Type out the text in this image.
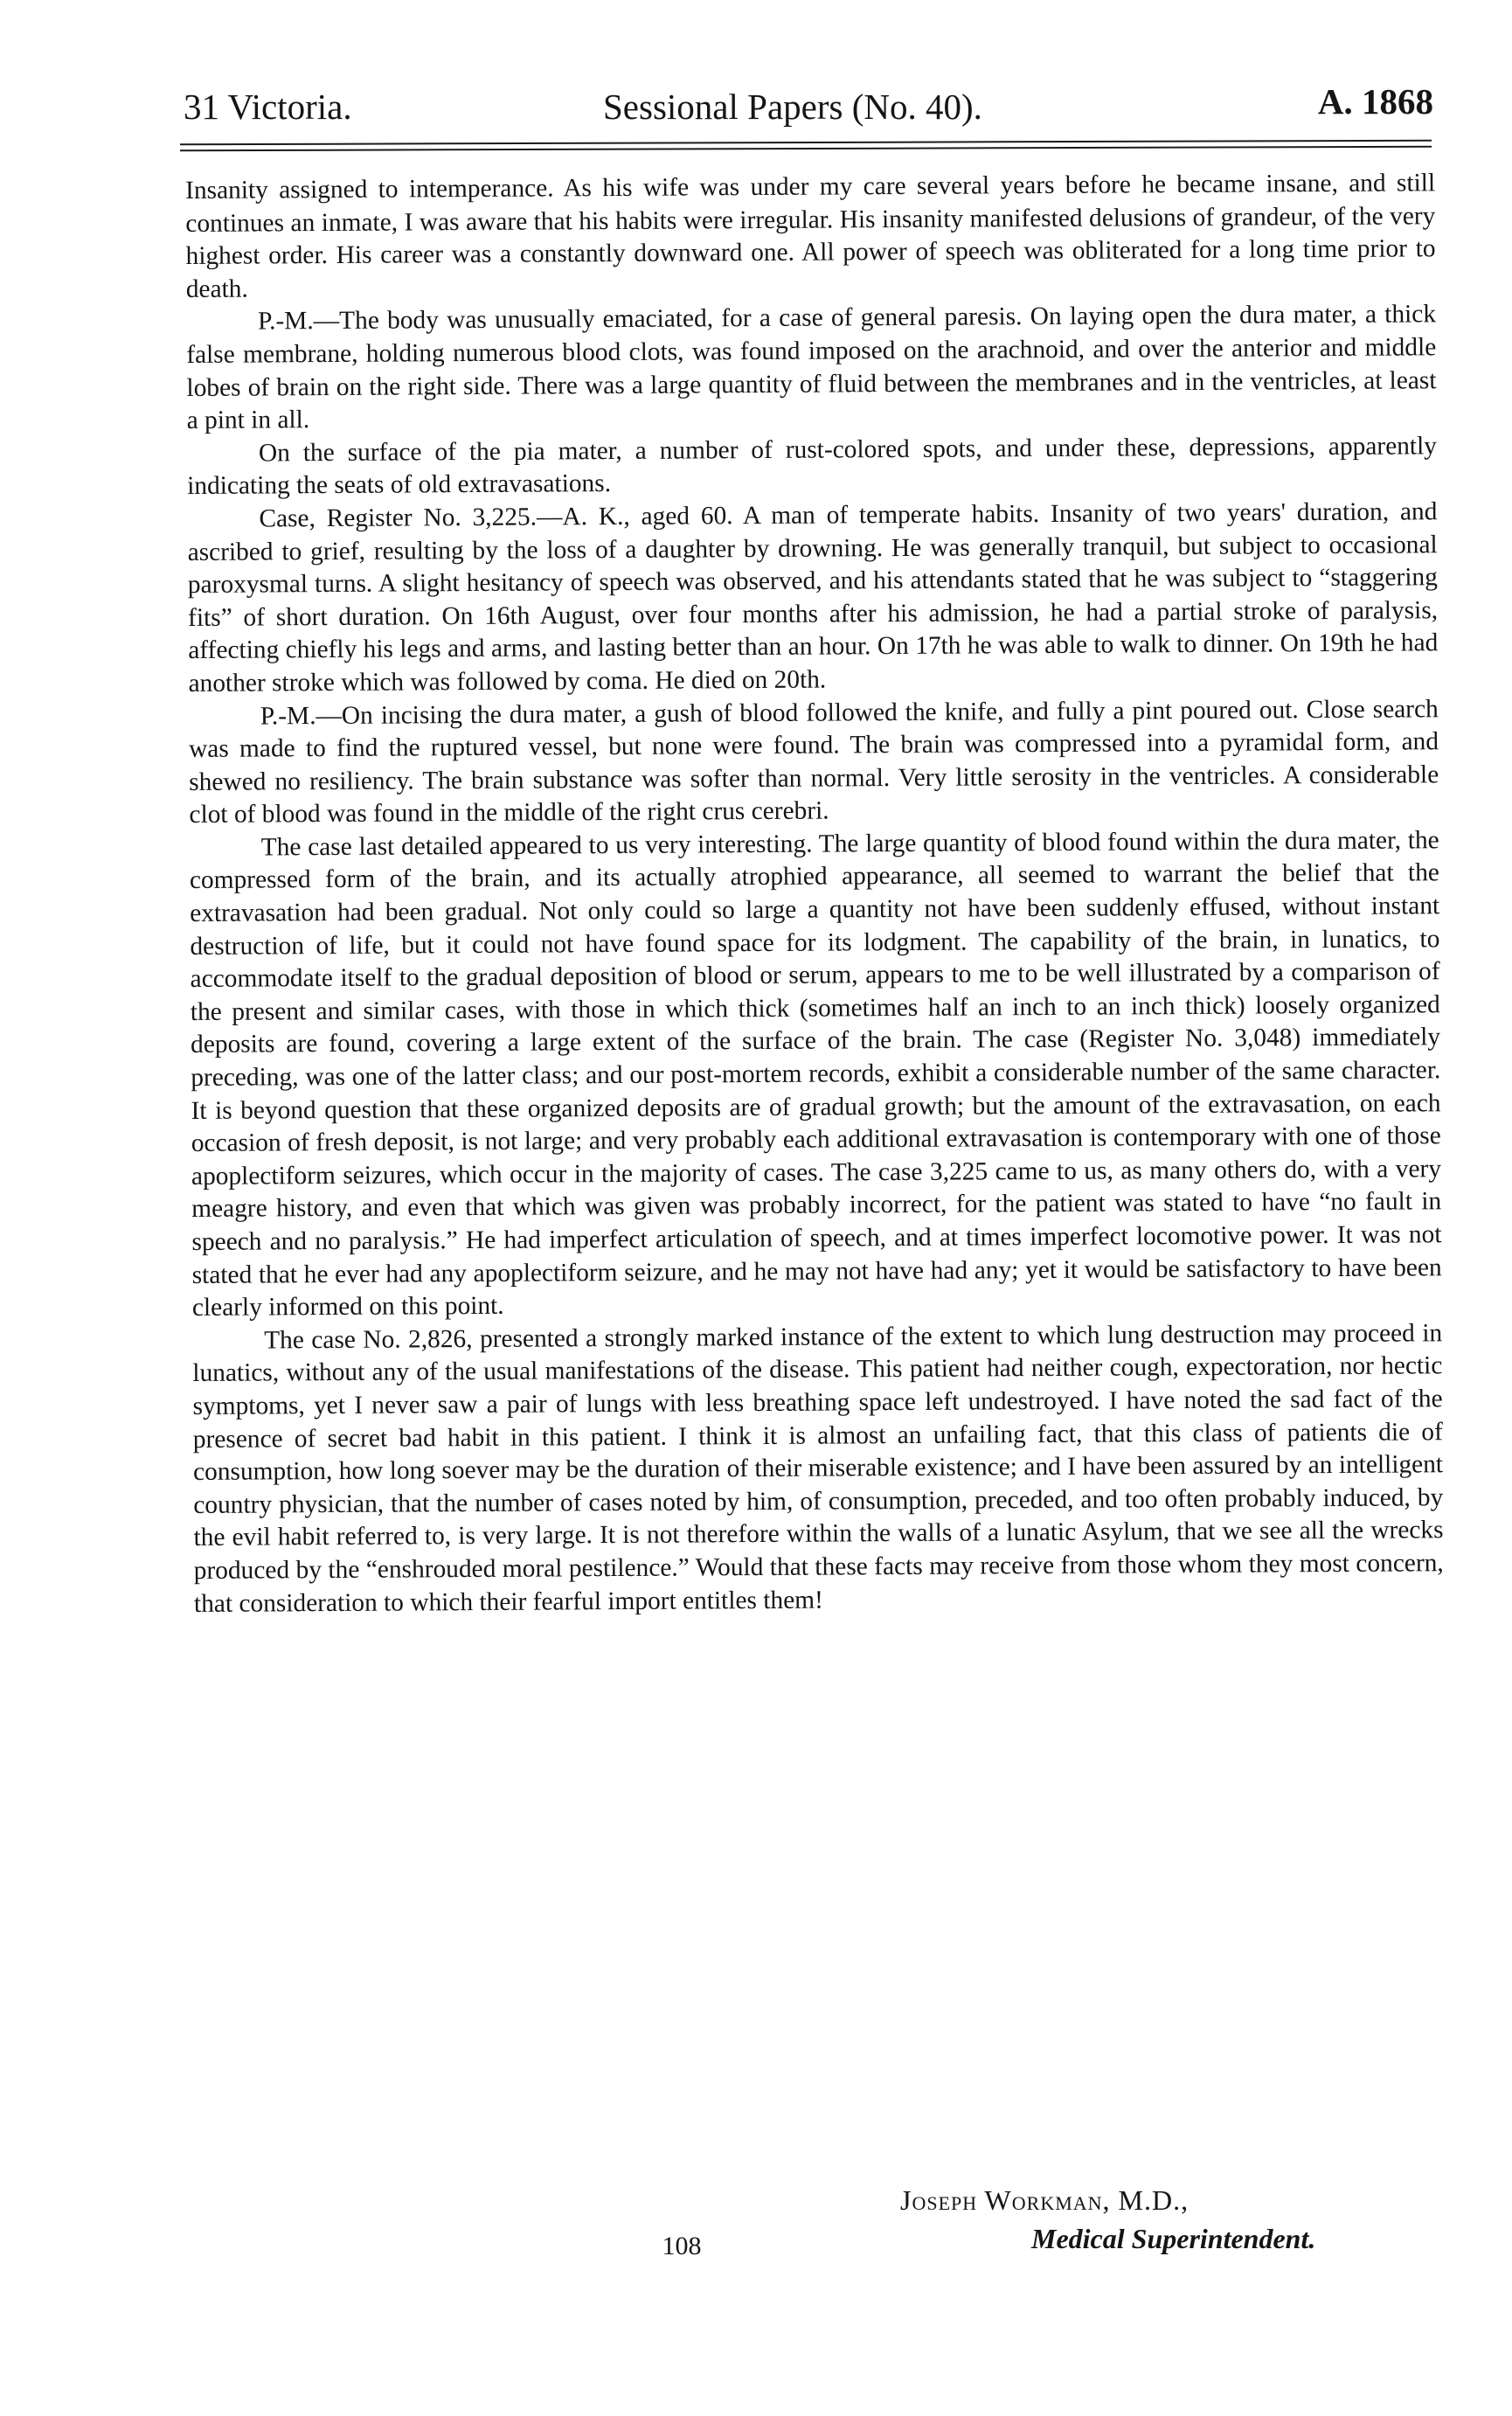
31 Victoria.	Sessional Papers (No. 40).	A. 1868

Insanity assigned to intemperance. As his wife was under my care several years before he became insane, and still continues an inmate, I was aware that his habits were irregular. His insanity manifested delusions of grandeur, of the very highest order. His career was a constantly downward one. All power of speech was obliterated for a long time prior to death.

P.-M.—The body was unusually emaciated, for a case of general paresis. On laying open the dura mater, a thick false membrane, holding numerous blood clots, was found imposed on the arachnoid, and over the anterior and middle lobes of brain on the right side. There was a large quantity of fluid between the membranes and in the ventricles, at least a pint in all.

On the surface of the pia mater, a number of rust-colored spots, and under these, depressions, apparently indicating the seats of old extravasations.

Case, Register No. 3,225.—A. K., aged 60. A man of temperate habits. Insanity of two years' duration, and ascribed to grief, resulting by the loss of a daughter by drowning. He was generally tranquil, but subject to occasional paroxysmal turns. A slight hesitancy of speech was observed, and his attendants stated that he was subject to “staggering fits” of short duration. On 16th August, over four months after his admission, he had a partial stroke of paralysis, affecting chiefly his legs and arms, and lasting better than an hour. On 17th he was able to walk to dinner. On 19th he had another stroke which was followed by coma. He died on 20th.

P.-M.—On incising the dura mater, a gush of blood followed the knife, and fully a pint poured out. Close search was made to find the ruptured vessel, but none were found. The brain was compressed into a pyramidal form, and shewed no resiliency. The brain substance was softer than normal. Very little serosity in the ventricles. A considerable clot of blood was found in the middle of the right crus cerebri.

The case last detailed appeared to us very interesting. The large quantity of blood found within the dura mater, the compressed form of the brain, and its actually atrophied appearance, all seemed to warrant the belief that the extravasation had been gradual. Not only could so large a quantity not have been suddenly effused, without instant destruction of life, but it could not have found space for its lodgment. The capability of the brain, in lunatics, to accommodate itself to the gradual deposition of blood or serum, appears to me to be well illustrated by a comparison of the present and similar cases, with those in which thick (sometimes half an inch to an inch thick) loosely organized deposits are found, covering a large extent of the surface of the brain. The case (Register No. 3,048) immediately preceding, was one of the latter class; and our post-mortem records, exhibit a considerable number of the same character. It is beyond question that these organized deposits are of gradual growth; but the amount of the extravasation, on each occasion of fresh deposit, is not large; and very probably each additional extravasation is contemporary with one of those apoplectiform seizures, which occur in the majority of cases. The case 3,225 came to us, as many others do, with a very meagre history, and even that which was given was probably incorrect, for the patient was stated to have “no fault in speech and no paralysis.” He had imperfect articulation of speech, and at times imperfect locomotive power. It was not stated that he ever had any apoplectiform seizure, and he may not have had any; yet it would be satisfactory to have been clearly informed on this point.

The case No. 2,826, presented a strongly marked instance of the extent to which lung destruction may proceed in lunatics, without any of the usual manifestations of the disease. This patient had neither cough, expectoration, nor hectic symptoms, yet I never saw a pair of lungs with less breathing space left undestroyed. I have noted the sad fact of the presence of secret bad habit in this patient. I think it is almost an unfailing fact, that this class of patients die of consumption, how long soever may be the duration of their miserable existence; and I have been assured by an intelligent country physician, that the number of cases noted by him, of consumption, preceded, and too often probably induced, by the evil habit referred to, is very large. It is not therefore within the walls of a lunatic Asylum, that we see all the wrecks produced by the “enshrouded moral pestilence.” Would that these facts may receive from those whom they most concern, that consideration to which their fearful import entitles them!

Joseph Workman, M.D.,
Medical Superintendent.
108
